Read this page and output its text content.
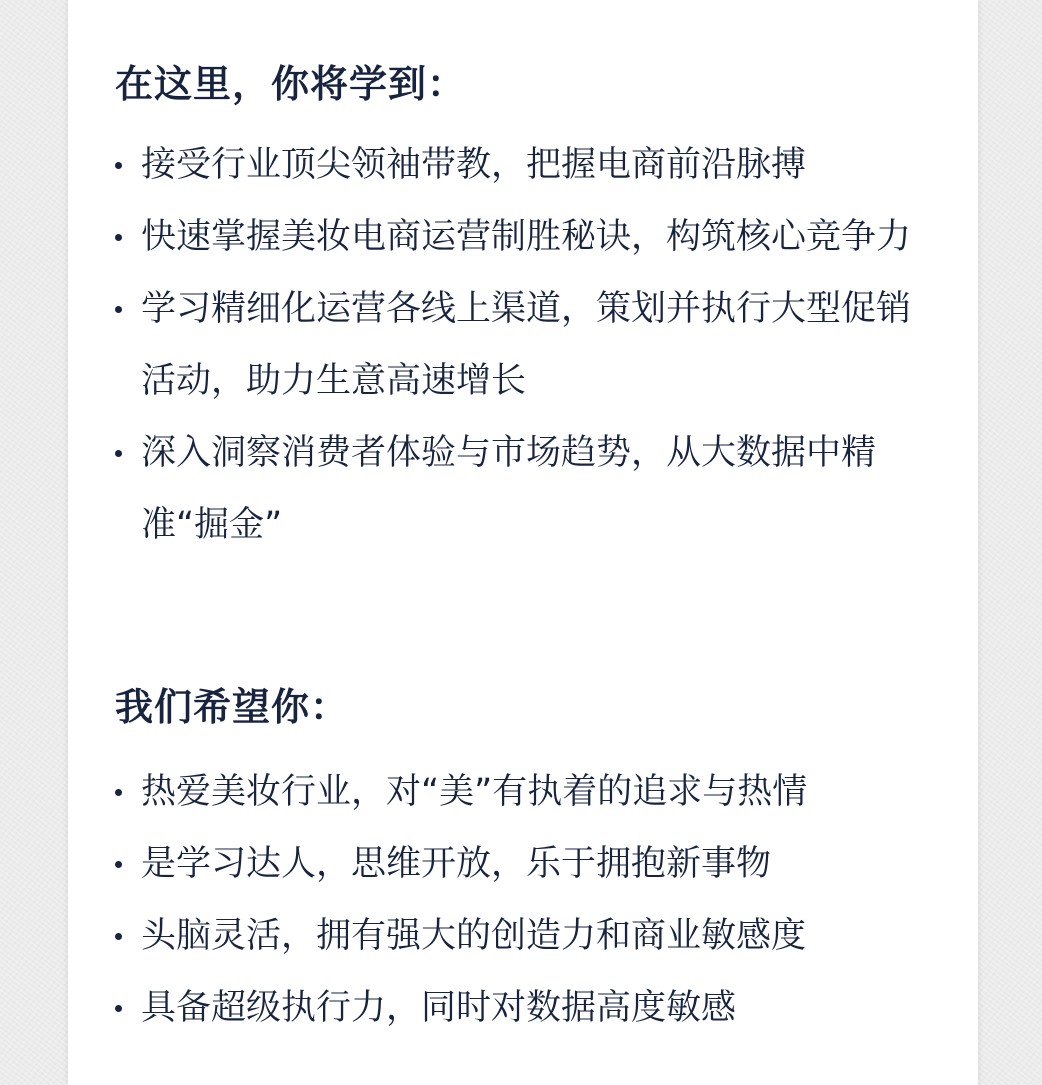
在这里，你将学到：
接受行业顶尖领袖带教，把握电商前沿脉搏
快速掌握美妆电商运营制胜秘诀，构筑核心竞争力
学习精细化运营各线上渠道，策划并执行大型促销活动，助力生意高速增长
深入洞察消费者体验与市场趋势，从大数据中精准“掘金”
我们希望你：
热爱美妆行业，对“美”有执着的追求与热情
是学习达人，思维开放，乐于拥抱新事物
头脑灵活，拥有强大的创造力和商业敏感度
具备超级执行力，同时对数据高度敏感
